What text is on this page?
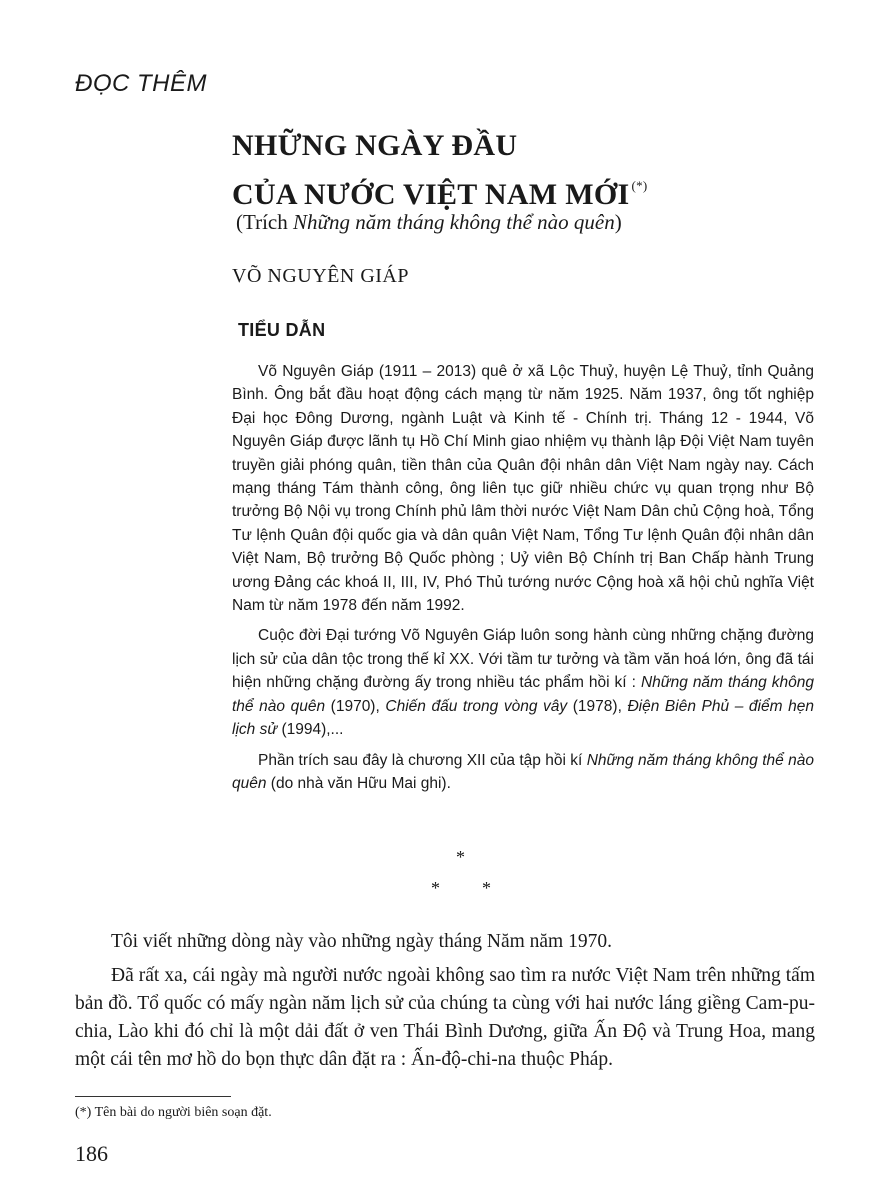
ĐỌC THÊM
NHỮNG NGÀY ĐẦU
CỦA NƯỚC VIỆT NAM MỚI (*)
(Trích Những năm tháng không thể nào quên)
VÕ NGUYÊN GIÁP
TIỂU DẪN

Võ Nguyên Giáp (1911 – 2013) quê ở xã Lộc Thuỷ, huyện Lệ Thuỷ, tỉnh Quảng Bình. Ông bắt đầu hoạt động cách mạng từ năm 1925. Năm 1937, ông tốt nghiệp Đại học Đông Dương, ngành Luật và Kinh tế - Chính trị. Tháng 12 - 1944, Võ Nguyên Giáp được lãnh tụ Hồ Chí Minh giao nhiệm vụ thành lập Đội Việt Nam tuyên truyền giải phóng quân, tiền thân của Quân đội nhân dân Việt Nam ngày nay. Cách mạng tháng Tám thành công, ông liên tục giữ nhiều chức vụ quan trọng như Bộ trưởng Bộ Nội vụ trong Chính phủ lâm thời nước Việt Nam Dân chủ Cộng hoà, Tổng Tư lệnh Quân đội quốc gia và dân quân Việt Nam, Tổng Tư lệnh Quân đội nhân dân Việt Nam, Bộ trưởng Bộ Quốc phòng ; Uỷ viên Bộ Chính trị Ban Chấp hành Trung ương Đảng các khoá II, III, IV, Phó Thủ tướng nước Cộng hoà xã hội chủ nghĩa Việt Nam từ năm 1978 đến năm 1992.

Cuộc đời Đại tướng Võ Nguyên Giáp luôn song hành cùng những chặng đường lịch sử của dân tộc trong thế kỉ XX. Với tầm tư tưởng và tầm văn hoá lớn, ông đã tái hiện những chặng đường ấy trong nhiều tác phẩm hồi kí : Những năm tháng không thể nào quên (1970), Chiến đấu trong vòng vây (1978), Điện Biên Phủ – điểm hẹn lịch sử (1994),...

Phần trích sau đây là chương XII của tập hồi kí Những năm tháng không thể nào quên (do nhà văn Hữu Mai ghi).

*
* *

Tôi viết những dòng này vào những ngày tháng Năm năm 1970.

Đã rất xa, cái ngày mà người nước ngoài không sao tìm ra nước Việt Nam trên những tấm bản đồ. Tổ quốc có mấy ngàn năm lịch sử của chúng ta cùng với hai nước láng giềng Cam-pu-chia, Lào khi đó chỉ là một dải đất ở ven Thái Bình Dương, giữa Ấn Độ và Trung Hoa, mang một cái tên mơ hồ do bọn thực dân đặt ra : Ấn-độ-chi-na thuộc Pháp.

(*) Tên bài do người biên soạn đặt.
186
